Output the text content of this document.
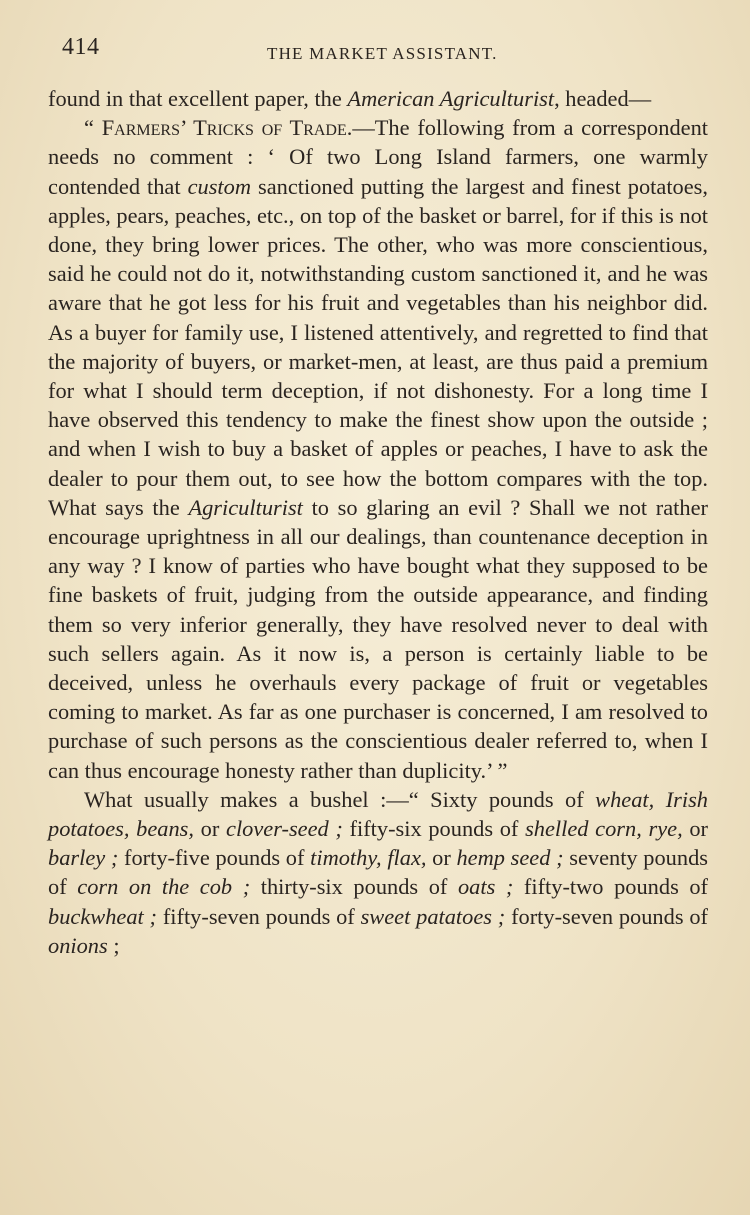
414	THE MARKET ASSISTANT.

found in that excellent paper, the American Agriculturist, headed—

“ Farmers’ Tricks of Trade.—The following from a correspondent needs no comment : ‘ Of two Long Island farmers, one warmly contended that custom sanctioned putting the largest and finest potatoes, apples, pears, peaches, etc., on top of the basket or barrel, for if this is not done, they bring lower prices. The other, who was more conscientious, said he could not do it, notwithstanding custom sanctioned it, and he was aware that he got less for his fruit and vegetables than his neighbor did. As a buyer for family use, I listened attentively, and regretted to find that the majority of buyers, or market-men, at least, are thus paid a premium for what I should term deception, if not dishonesty. For a long time I have observed this tendency to make the finest show upon the outside ; and when I wish to buy a basket of apples or peaches, I have to ask the dealer to pour them out, to see how the bottom compares with the top. What says the Agriculturist to so glaring an evil ? Shall we not rather encourage uprightness in all our dealings, than countenance deception in any way ? I know of parties who have bought what they supposed to be fine baskets of fruit, judging from the outside appearance, and finding them so very inferior generally, they have resolved never to deal with such sellers again. As it now is, a person is certainly liable to be deceived, unless he overhauls every package of fruit or vegetables coming to market. As far as one purchaser is concerned, I am resolved to purchase of such persons as the conscientious dealer referred to, when I can thus encourage honesty rather than duplicity.’ ”

What usually makes a bushel :—“ Sixty pounds of wheat, Irish potatoes, beans, or clover-seed ; fifty-six pounds of shelled corn, rye, or barley ; forty-five pounds of timothy, flax, or hemp seed ; seventy pounds of corn on the cob ; thirty-six pounds of oats ; fifty-two pounds of buckwheat ; fifty-seven pounds of sweet patatoes ; forty-seven pounds of onions ;
